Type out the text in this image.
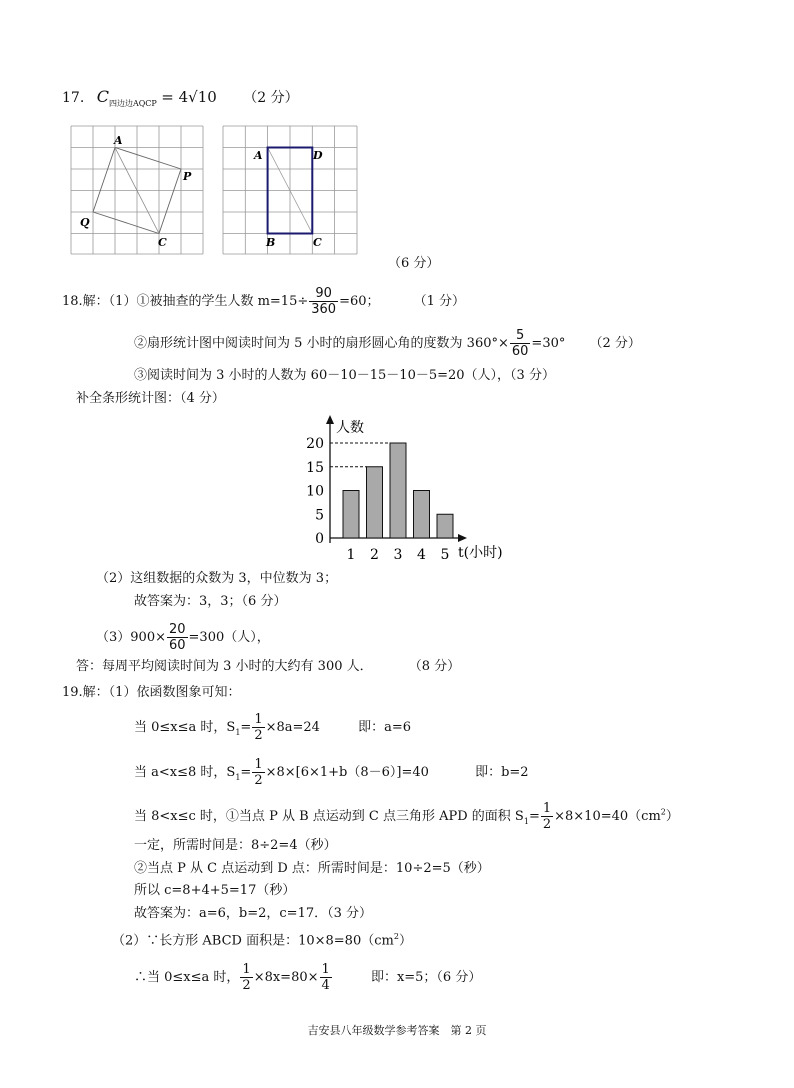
17. $C_{四边边AQCP} = 4√10$ （2 分）
A
P
Q
C
A	D
B	C
（6 分）
18.解：（1）①被抽查的学生人数 $m=15\div \frac{90}{360} =60$；	（1 分）
②扇形统计图中阅读时间为 5 小时的扇形圆心角的度数为 $360^\circ\times \frac{5}{60} =30^\circ$ （2 分）
③阅读时间为 3 小时的人数为 60－10－15－10－5=20（人），（3 分）
补全条形统计图：（4 分）
人数
t(小时)
0
5
10
15
20
1 2 3 4 5
（2）这组数据的众数为 3，中位数为 3；
故答案为：3，3；（6 分）
$(3)900\times \frac{20}{60} =300$（人），
答：每周平均阅读时间为 3 小时的大约有 300 人．	（8 分）
19.解：（1）依函数图象可知：
当 0≤x≤a 时，$S_1= \frac{1}{2} \times 8a=24$	即：a=6
当 a<x≤8 时，$S_1= \frac{1}{2} \times 8\times[6\times 1+b(8-6)]=40$	即：b=2
当 8<x≤c 时，①当点 P 从 B 点运动到 C 点三角形 APD 的面积 $S_1= \frac{1}{2} \times 8\times 10=40(cm^2)$
一定，所需时间是：8÷2=4（秒）
②当点 P 从 C 点运动到 D 点：所需时间是：10÷2=5（秒）
所以 c=8+4+5=17（秒）
故答案为：a=6，b=2，c=17．（3 分）
（2）∵长方形 ABCD 面积是：$10\times 8=80(cm^2)$
∴当 0≤x≤a 时， $\frac{1}{2} \times 8x=80\times \frac{1}{4}$	即：x=5；（6 分）
吉安县八年级数学参考答案　第 2 页
